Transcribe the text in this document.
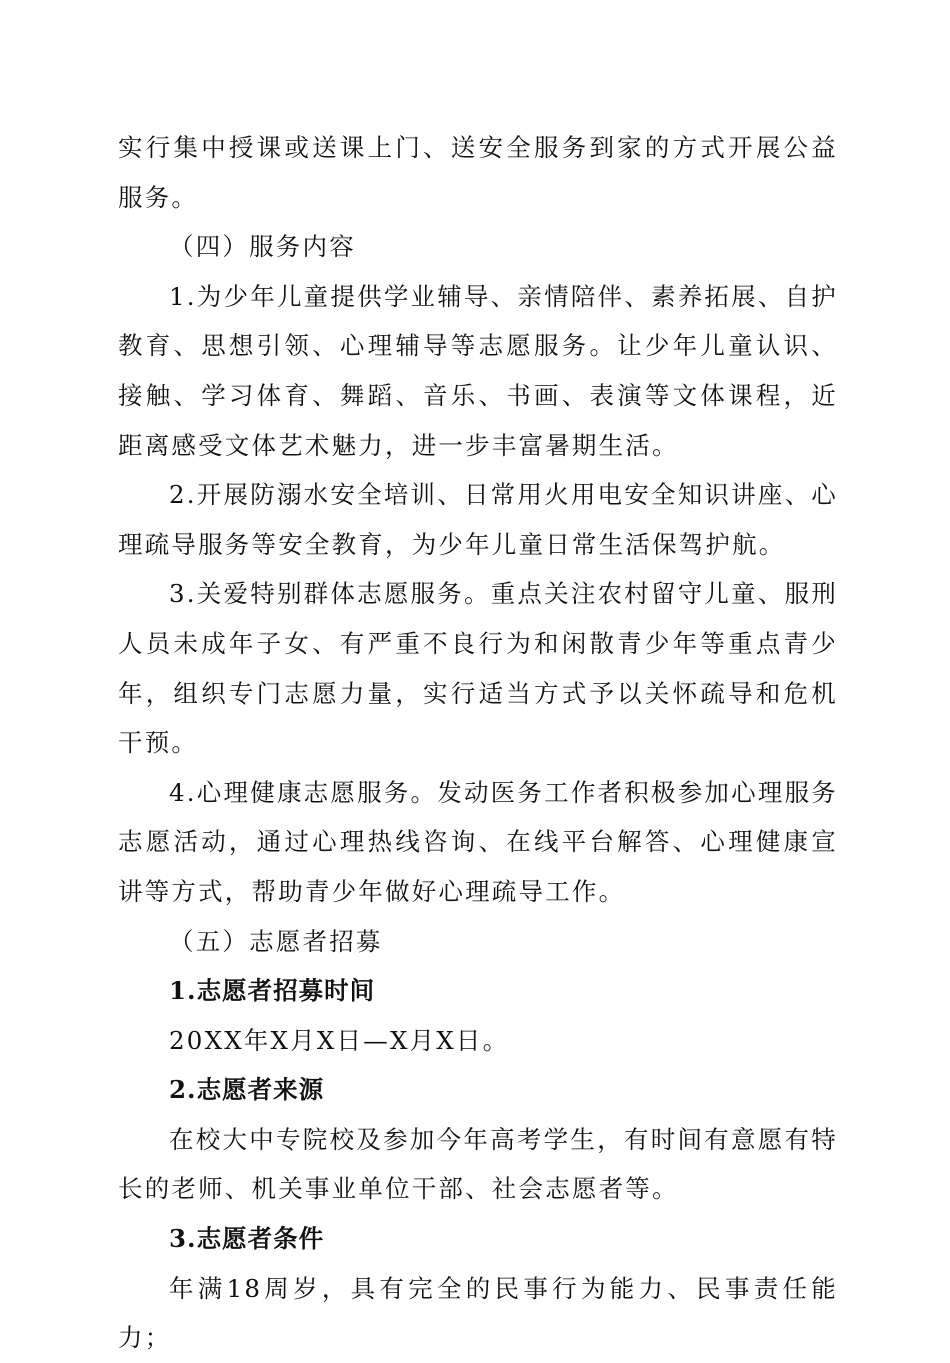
实行集中授课或送课上门、送安全服务到家的方式开展公益服务。

（四）服务内容

1.为少年儿童提供学业辅导、亲情陪伴、素养拓展、自护教育、思想引领、心理辅导等志愿服务。让少年儿童认识、接触、学习体育、舞蹈、音乐、书画、表演等文体课程，近距离感受文体艺术魅力，进一步丰富暑期生活。

2.开展防溺水安全培训、日常用火用电安全知识讲座、心理疏导服务等安全教育，为少年儿童日常生活保驾护航。

3.关爱特别群体志愿服务。重点关注农村留守儿童、服刑人员未成年子女、有严重不良行为和闲散青少年等重点青少年，组织专门志愿力量，实行适当方式予以关怀疏导和危机干预。

4.心理健康志愿服务。发动医务工作者积极参加心理服务志愿活动，通过心理热线咨询、在线平台解答、心理健康宣讲等方式，帮助青少年做好心理疏导工作。

（五）志愿者招募

1.志愿者招募时间

20XX年X月X日—X月X日。

2.志愿者来源

在校大中专院校及参加今年高考学生，有时间有意愿有特长的老师、机关事业单位干部、社会志愿者等。

3.志愿者条件

年满18周岁，具有完全的民事行为能力、民事责任能力；
